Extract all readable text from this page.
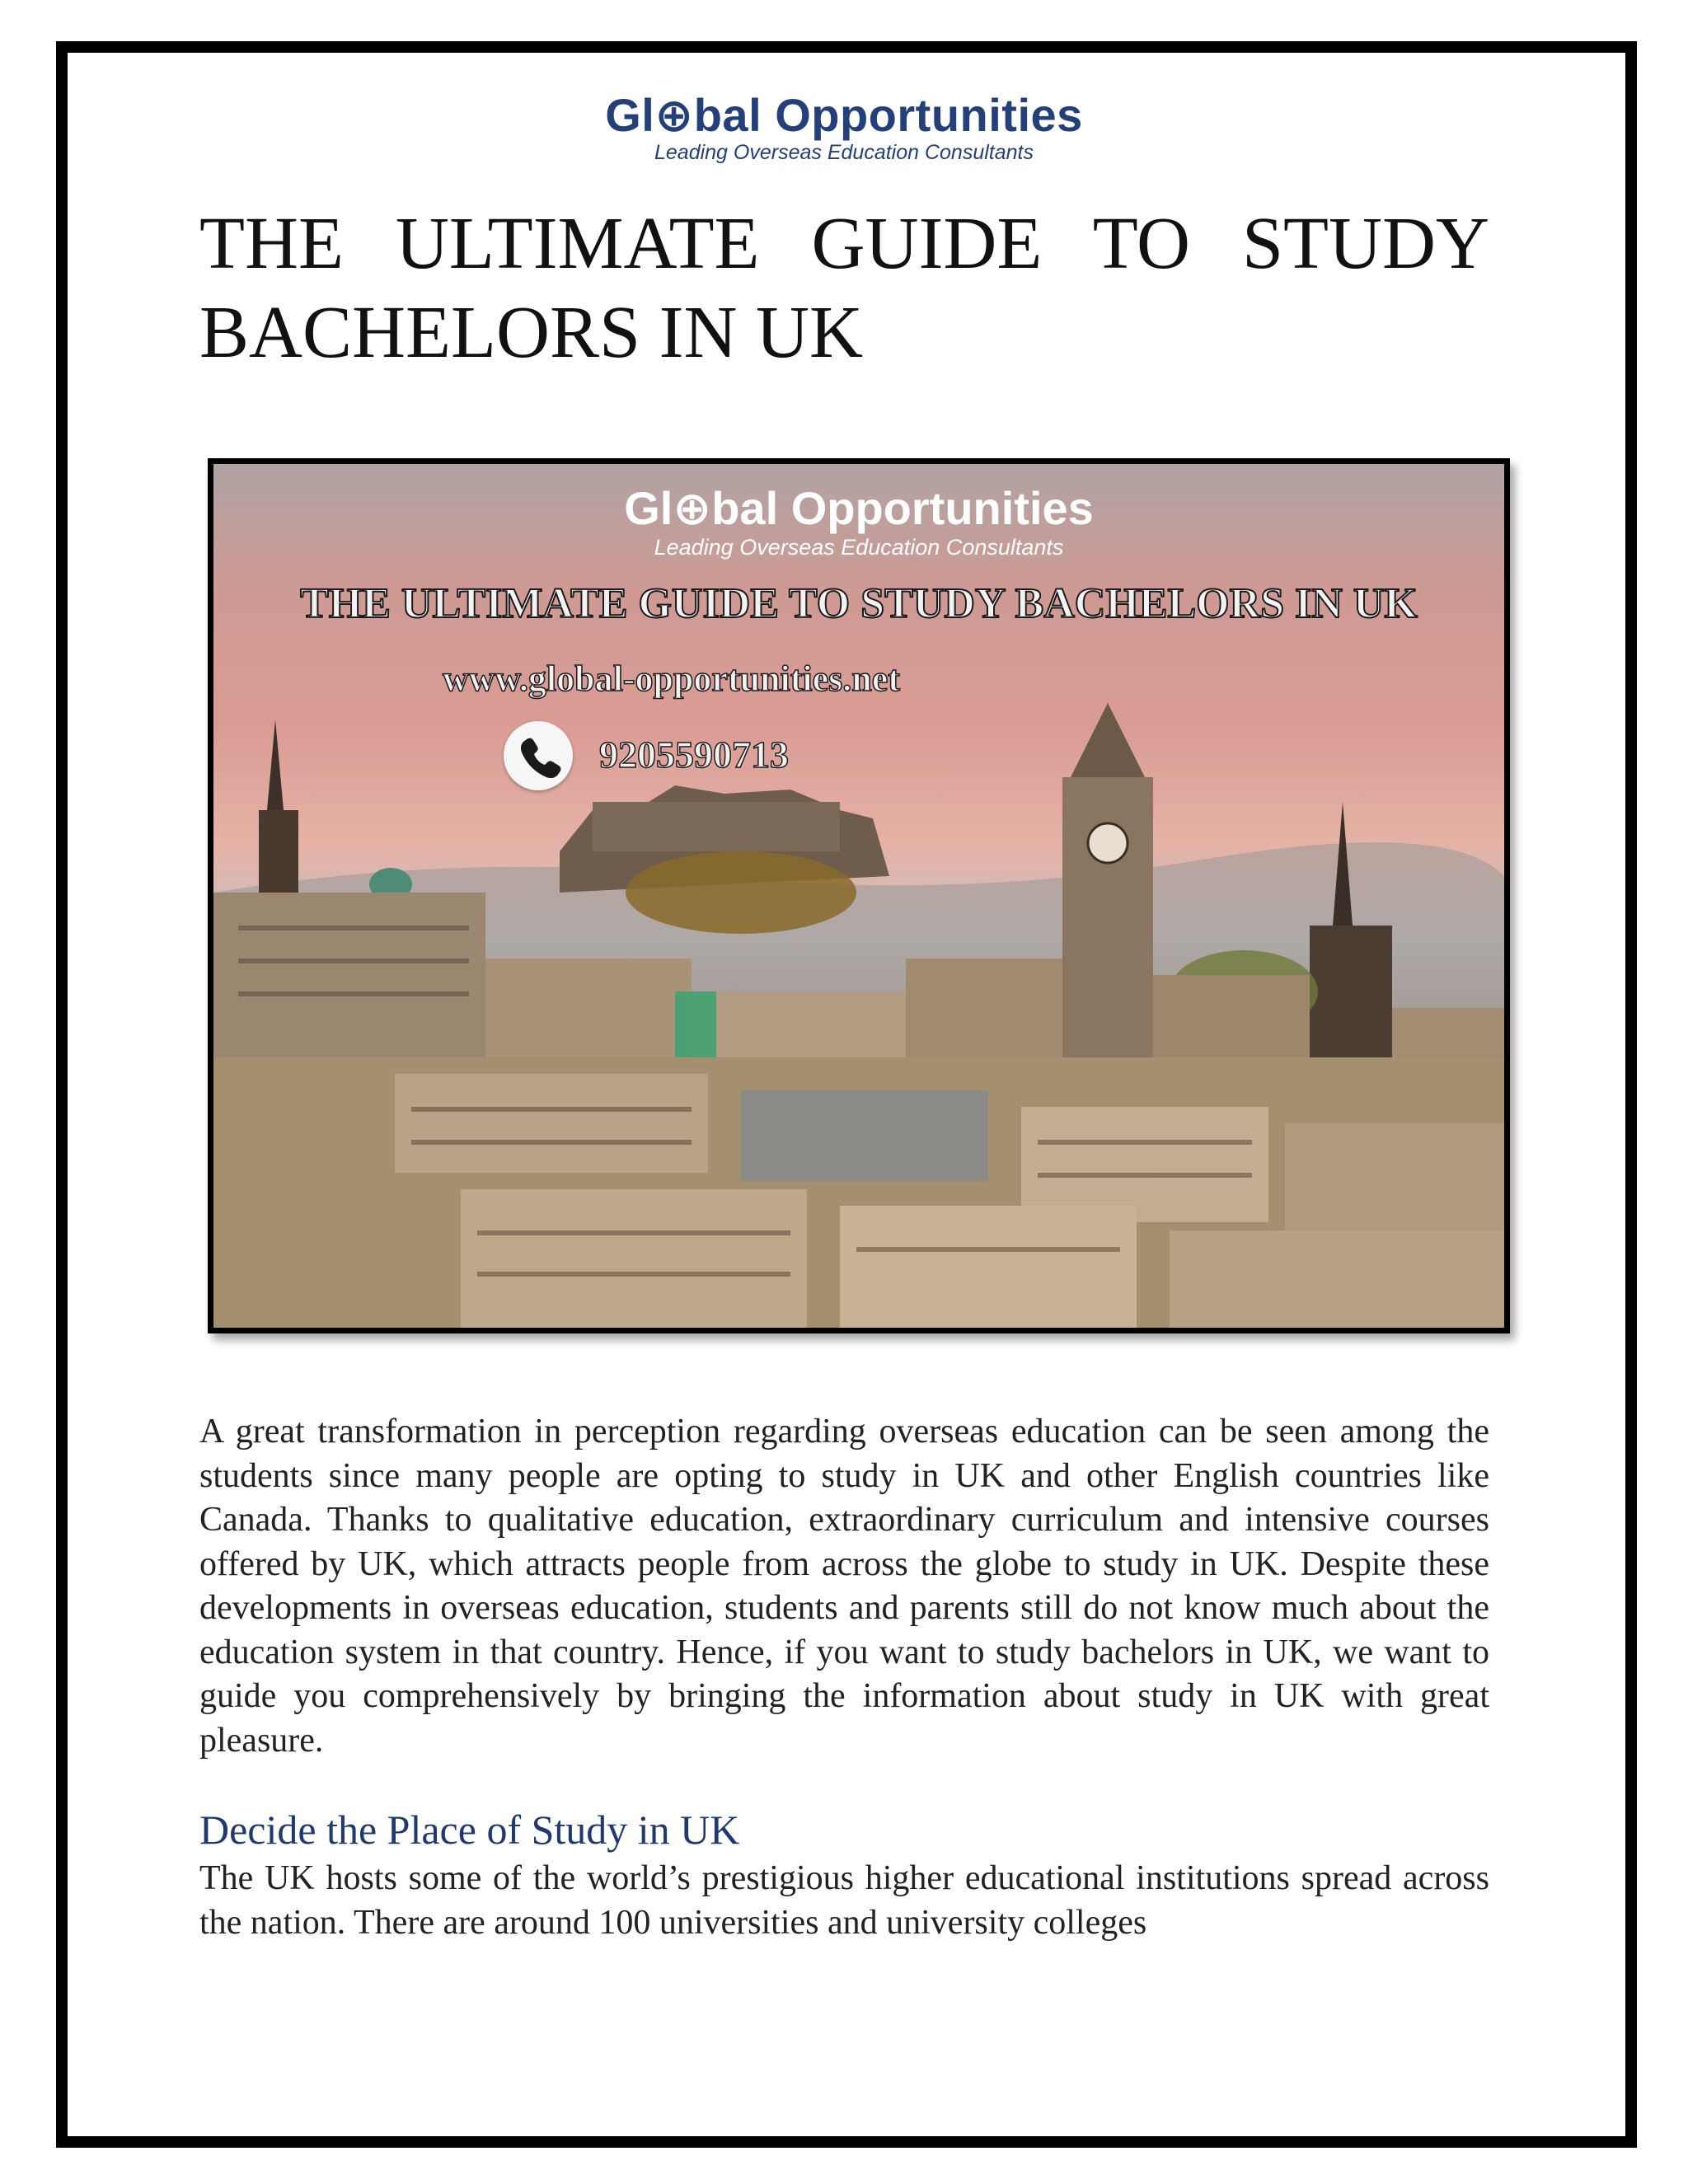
Gl⊕bal Opportunities
Leading Overseas Education Consultants
THE ULTIMATE GUIDE TO STUDY
BACHELORS IN UK
Gl⊕bal Opportunities
Leading Overseas Education Consultants
THE ULTIMATE GUIDE TO STUDY BACHELORS IN UK
www.global-opportunities.net
9205590713

A great transformation in perception regarding overseas education can be seen among the students since many people are opting to study in UK and other English countries like Canada. Thanks to qualitative education, extraordinary curriculum and intensive courses offered by UK, which attracts people from across the globe to study in UK. Despite these developments in overseas education, students and parents still do not know much about the education system in that country. Hence, if you want to study bachelors in UK, we want to guide you comprehensively by bringing the information about study in UK with great pleasure.

Decide the Place of Study in UK

The UK hosts some of the world’s prestigious higher educational institutions spread across the nation. There are around 100 universities and university colleges
